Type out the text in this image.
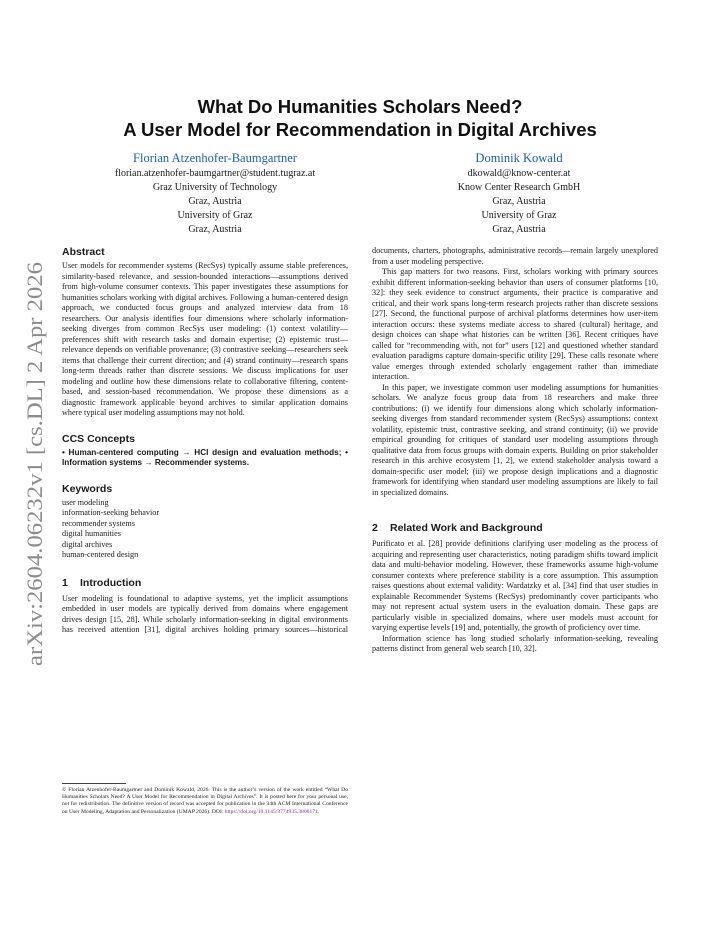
arXiv:2604.06232v1 [cs.DL] 2 Apr 2026
What Do Humanities Scholars Need?
A User Model for Recommendation in Digital Archives
Florian Atzenhofer-Baumgartner
florian.atzenhofer-baumgartner@student.tugraz.at
Graz University of Technology
Graz, Austria
University of Graz
Graz, Austria
Dominik Kowald
dkowald@know-center.at
Know Center Research GmbH
Graz, Austria
University of Graz
Graz, Austria
Abstract

User models for recommender systems (RecSys) typically assume stable preferences, similarity-based relevance, and session-bounded interactions—assumptions derived from high-volume consumer contexts. This paper investigates these assumptions for humanities scholars working with digital archives. Following a human-centered design approach, we conducted focus groups and analyzed interview data from 18 researchers. Our analysis identifies four dimensions where scholarly information-seeking diverges from common RecSys user modeling: (1) context volatility—preferences shift with research tasks and domain expertise; (2) epistemic trust—relevance depends on verifiable provenance; (3) contrastive seeking—researchers seek items that challenge their current direction; and (4) strand continuity—research spans long-term threads rather than discrete sessions. We discuss implications for user modeling and outline how these dimensions relate to collaborative filtering, content-based, and session-based recommendation. We propose these dimensions as a diagnostic framework applicable beyond archives to similar application domains where typical user modeling assumptions may not hold.

CCS Concepts

• Human-centered computing → HCI design and evaluation methods; • Information systems → Recommender systems.

Keywords
user modeling
information-seeking behavior
recommender systems
digital humanities
digital archives
human-centered design
1 Introduction

User modeling is foundational to adaptive systems, yet the implicit assumptions embedded in user models are typically derived from domains where engagement drives design [15, 28]. While scholarly information-seeking in digital environments has received attention [31], digital archives holding primary sources—historical

© Florian Atzenhofer-Baumgartner and Dominik Kowald, 2026. This is the author’s version of the work entitled “What Do Humanities Scholars Need? A User Model for Recommendation in Digital Archives”. It is posted here for your personal use, not for redistribution. The definitive version of record was accepted for publication in the 34th ACM International Conference on User Modeling, Adaptation and Personalization (UMAP 2026). DOI: https://doi.org/10.1145/3774935.3806171.

documents, charters, photographs, administrative records—remain largely unexplored from a user modeling perspective.

This gap matters for two reasons. First, scholars working with primary sources exhibit different information-seeking behavior than users of consumer platforms [10, 32]: they seek evidence to construct arguments, their practice is comparative and critical, and their work spans long-term research projects rather than discrete sessions [27]. Second, the functional purpose of archival platforms determines how user-item interaction occurs: these systems mediate access to shared (cultural) heritage, and design choices can shape what histories can be written [36]. Recent critiques have called for “recommending with, not for” users [12] and questioned whether standard evaluation paradigms capture domain-specific utility [29]. These calls resonate where value emerges through extended scholarly engagement rather than immediate interaction.

In this paper, we investigate common user modeling assumptions for humanities scholars. We analyze focus group data from 18 researchers and make three contributions: (i) we identify four dimensions along which scholarly information-seeking diverges from standard recommender system (RecSys) assumptions: context volatility, epistemic trust, contrastive seeking, and strand continuity; (ii) we provide empirical grounding for critiques of standard user modeling assumptions through qualitative data from focus groups with domain experts. Building on prior stakeholder research in this archive ecosystem [1, 2], we extend stakeholder analysis toward a domain-specific user model; (iii) we propose design implications and a diagnostic framework for identifying when standard user modeling assumptions are likely to fail in specialized domains.

2 Related Work and Background

Purificato et al. [28] provide definitions clarifying user modeling as the process of acquiring and representing user characteristics, noting paradigm shifts toward implicit data and multi-behavior modeling. However, these frameworks assume high-volume consumer contexts where preference stability is a core assumption. This assumption raises questions about external validity: Wardatzky et al. [34] find that user studies in explainable Recommender Systems (RecSys) predominantly cover participants who may not represent actual system users in the evaluation domain. These gaps are particularly visible in specialized domains, where user models must account for varying expertise levels [19] and, potentially, the growth of proficiency over time.

Information science has long studied scholarly information-seeking, revealing patterns distinct from general web search [10, 32].
